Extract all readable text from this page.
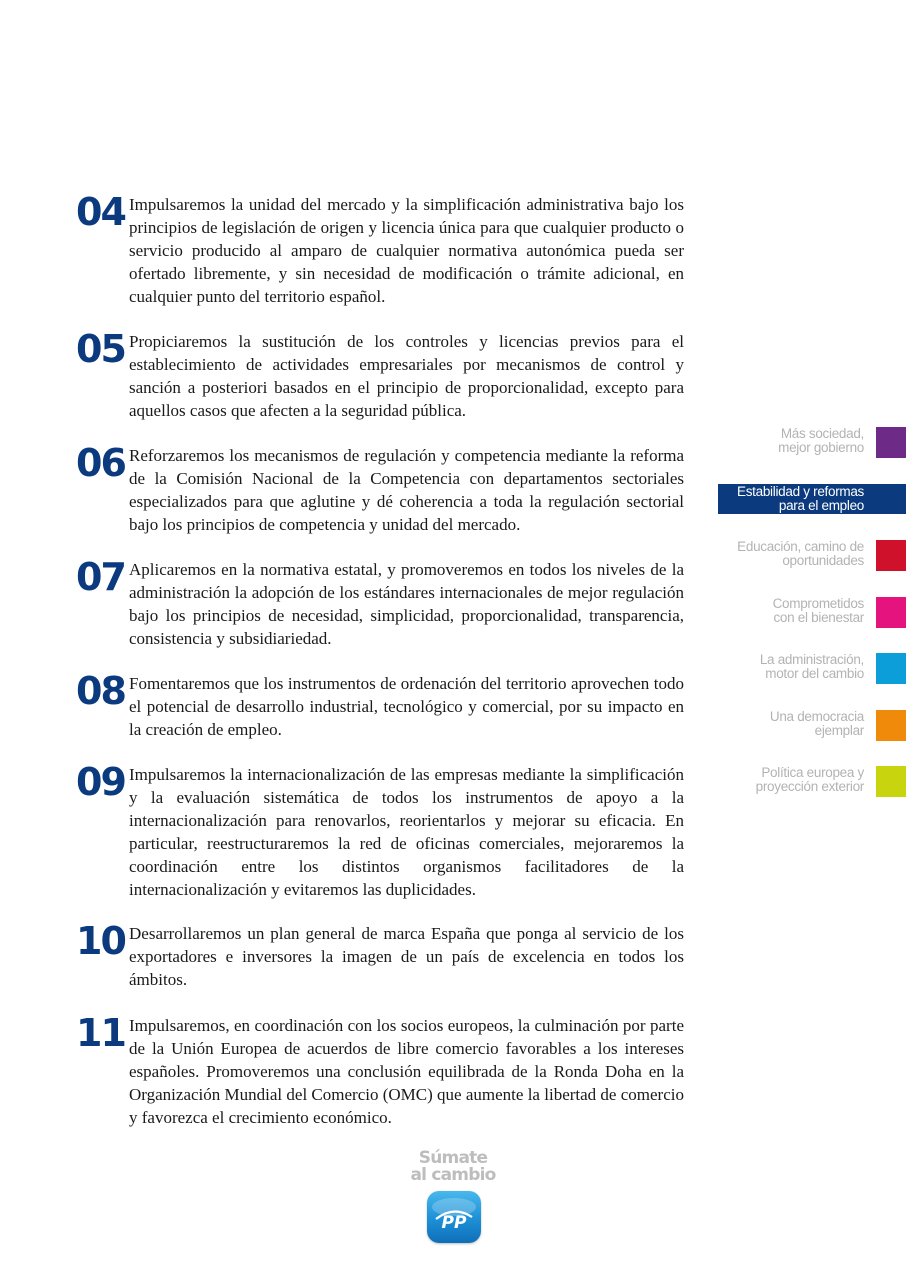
04 Impulsaremos la unidad del mercado y la simplificación administrativa bajo los principios de legislación de origen y licencia única para que cualquier producto o servicio producido al amparo de cualquier normativa autonómica pueda ser ofertado libremente, y sin necesidad de modificación o trámite adicional, en cualquier punto del territorio español.

05 Propiciaremos la sustitución de los controles y licencias previos para el establecimiento de actividades empresariales por mecanismos de control y sanción a posteriori basados en el principio de proporcionalidad, excepto para aquellos casos que afecten a la seguridad pública.

06 Reforzaremos los mecanismos de regulación y competencia mediante la reforma de la Comisión Nacional de la Competencia con departamentos sectoriales especializados para que aglutine y dé coherencia a toda la regulación sectorial bajo los principios de competencia y unidad del mercado.

07 Aplicaremos en la normativa estatal, y promoveremos en todos los niveles de la administración la adopción de los estándares internacionales de mejor regulación bajo los principios de necesidad, simplicidad, proporcionalidad, transparencia, consistencia y subsidiariedad.

08 Fomentaremos que los instrumentos de ordenación del territorio aprovechen todo el potencial de desarrollo industrial, tecnológico y comercial, por su impacto en la creación de empleo.

09 Impulsaremos la internacionalización de las empresas mediante la simplificación y la evaluación sistemática de todos los instrumentos de apoyo a la internacionalización para renovarlos, reorientarlos y mejorar su eficacia. En particular, reestructuraremos la red de oficinas comerciales, mejoraremos la coordinación entre los distintos organismos facilitadores de la internacionalización y evitaremos las duplicidades.

10 Desarrollaremos un plan general de marca España que ponga al servicio de los exportadores e inversores la imagen de un país de excelencia en todos los ámbitos.

11 Impulsaremos, en coordinación con los socios europeos, la culminación por parte de la Unión Europea de acuerdos de libre comercio favorables a los intereses españoles. Promoveremos una conclusión equilibrada de la Ronda Doha en la Organización Mundial del Comercio (OMC) que aumente la libertad de comercio y favorezca el crecimiento económico.

Más sociedad,
mejor gobierno
Estabilidad y reformas
para el empleo
Educación, camino de
oportunidades
Comprometidos
con el bienestar
La administración,
motor del cambio
Una democracia
ejemplar
Política europea y
proyección exterior
Súmate
al cambio
PP
